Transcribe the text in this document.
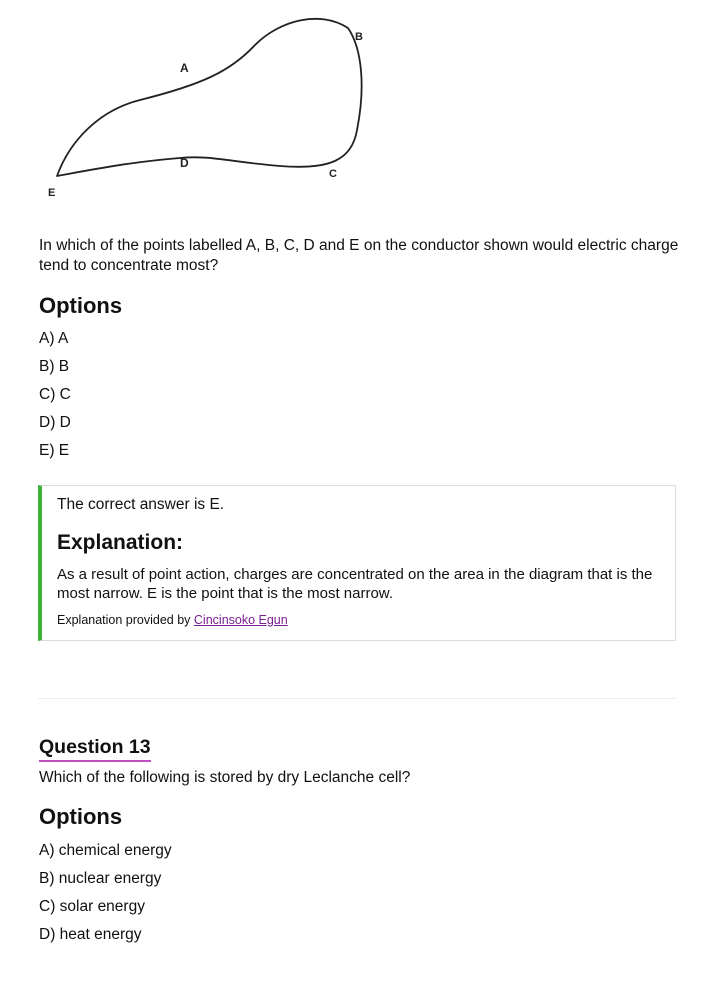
A
B
C
D
E

In which of the points labelled A, B, C, D and E on the conductor shown would electric charge tend to concentrate most?

Options
A) A
B) B
C) C
D) D
E) E

The correct answer is E.

Explanation:

As a result of point action, charges are concentrated on the area in the diagram that is the most narrow. E is the point that is the most narrow.

Explanation provided by Cincinsoko Egun

Question 13

Which of the following is stored by dry Leclanche cell?

Options
A) chemical energy
B) nuclear energy
C) solar energy
D) heat energy
